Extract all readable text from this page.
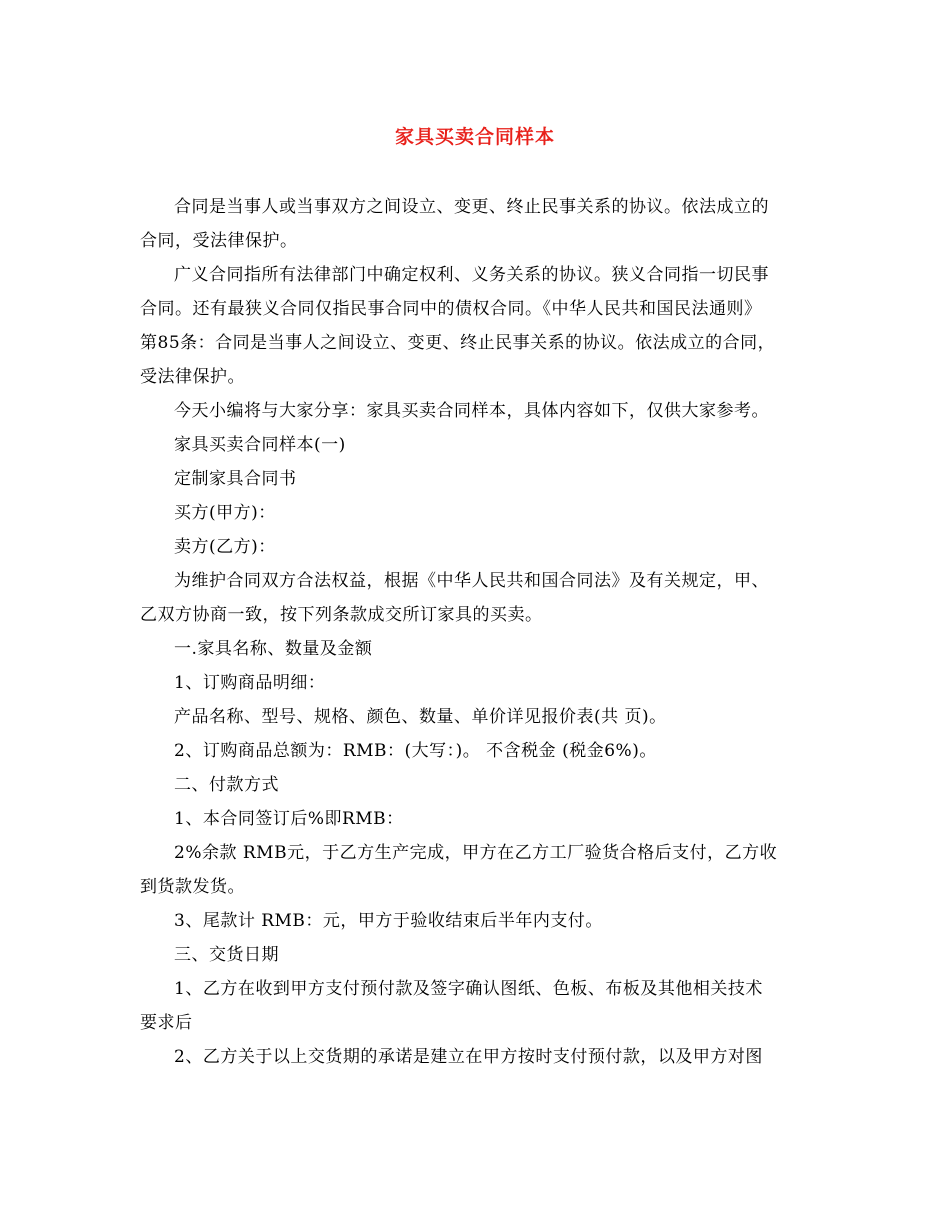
家具买卖合同样本
合同是当事人或当事双方之间设立、变更、终止民事关系的协议。依法成立的
合同，受法律保护。
广义合同指所有法律部门中确定权利、义务关系的协议。狭义合同指一切民事
合同。还有最狭义合同仅指民事合同中的债权合同。《中华人民共和国民法通则》
第85条：合同是当事人之间设立、变更、终止民事关系的协议。依法成立的合同，
受法律保护。
今天小编将与大家分享：家具买卖合同样本，具体内容如下，仅供大家参考。
家具买卖合同样本(一)
定制家具合同书
买方(甲方)：
卖方(乙方)：
为维护合同双方合法权益，根据《中华人民共和国合同法》及有关规定，甲、
乙双方协商一致，按下列条款成交所订家具的买卖。
一.家具名称、数量及金额
1、订购商品明细：
产品名称、型号、规格、颜色、数量、单价详见报价表(共 页)。
2、订购商品总额为：RMB：(大写：)。 不含税金 (税金6%)。
二、付款方式
1、本合同签订后%即RMB：
2%余款 RMB元，于乙方生产完成，甲方在乙方工厂验货合格后支付，乙方收
到货款发货。
3、尾款计 RMB：元，甲方于验收结束后半年内支付。
三、交货日期
1、乙方在收到甲方支付预付款及签字确认图纸、色板、布板及其他相关技术
要求后
2、乙方关于以上交货期的承诺是建立在甲方按时支付预付款，以及甲方对图
